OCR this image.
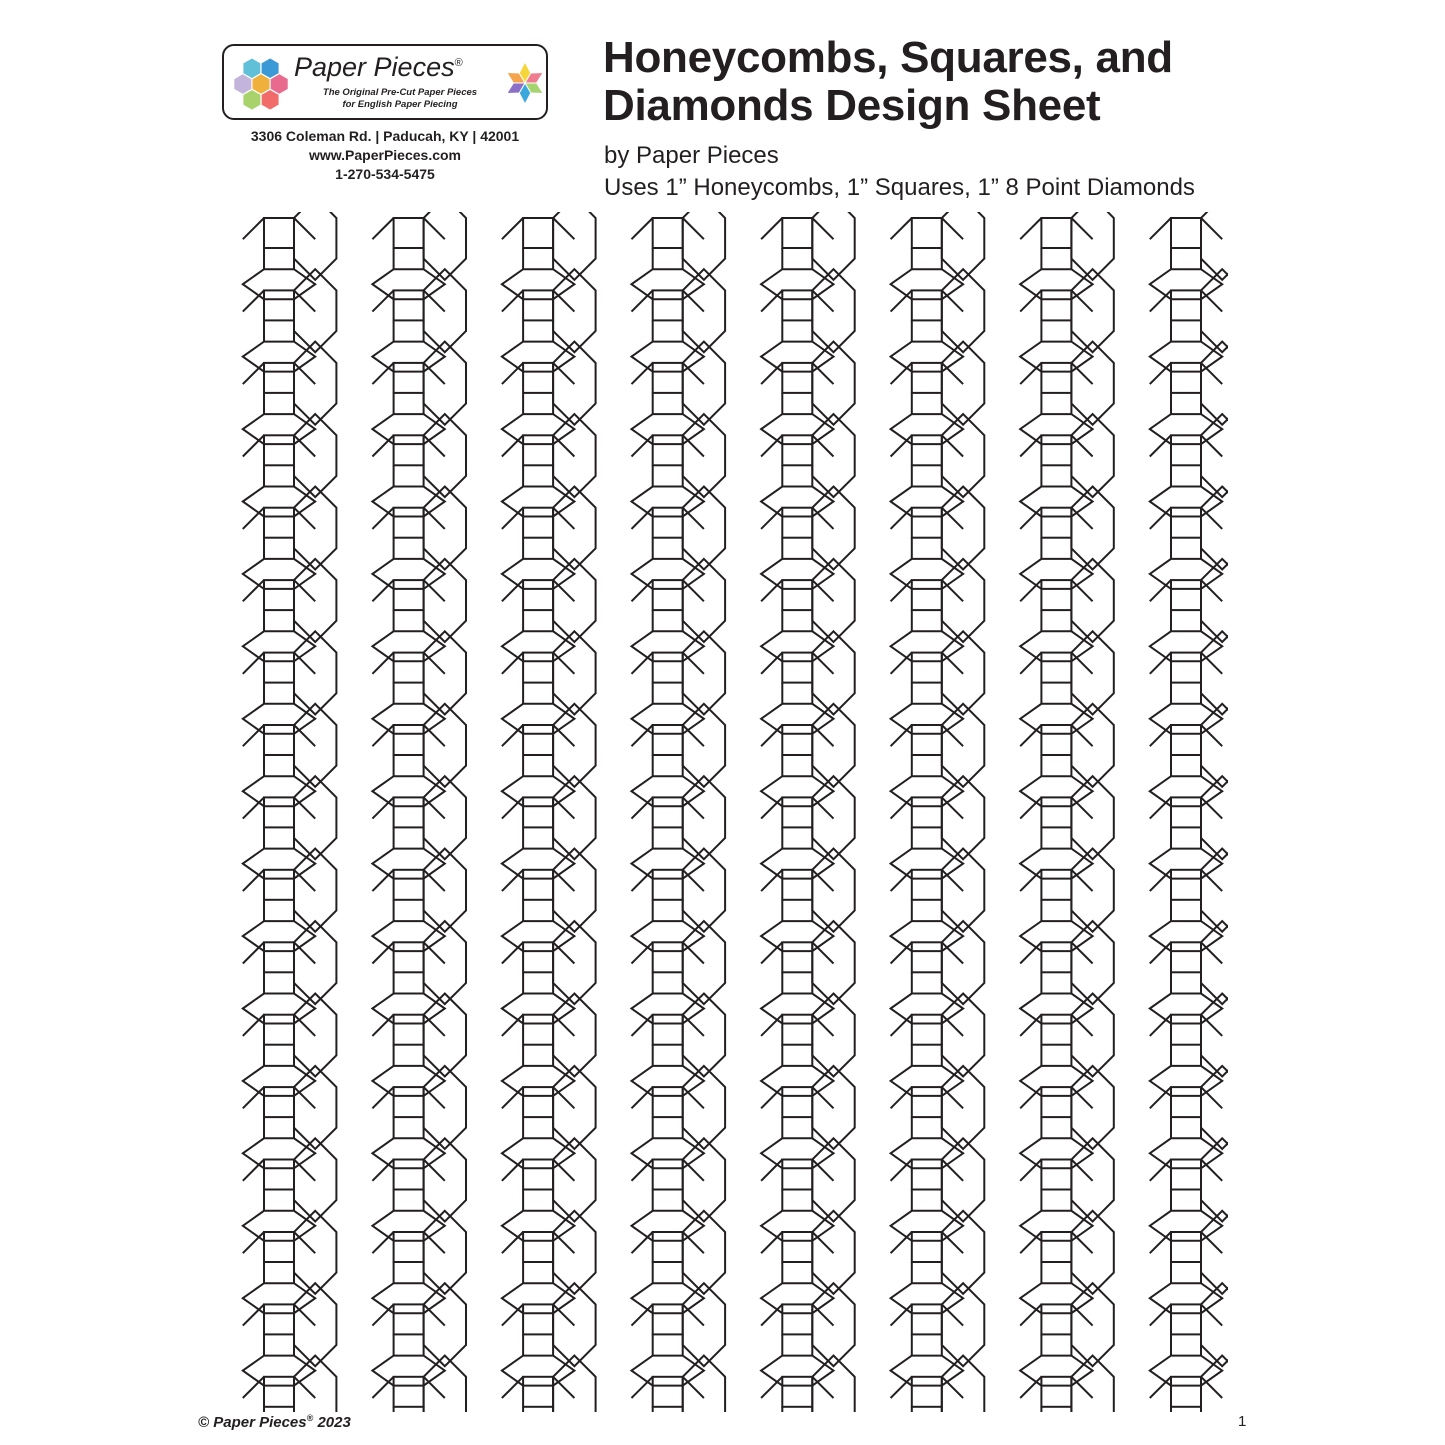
Paper Pieces®
The Original Pre-Cut Paper Pieces
for English Paper Piecing
3306 Coleman Rd. | Paducah, KY | 42001
www.PaperPieces.com
1-270-534-5475
Honeycombs, Squares, and
Diamonds Design Sheet
by Paper Pieces
Uses 1” Honeycombs, 1” Squares, 1” 8 Point Diamonds
© Paper Pieces® 2023	1
